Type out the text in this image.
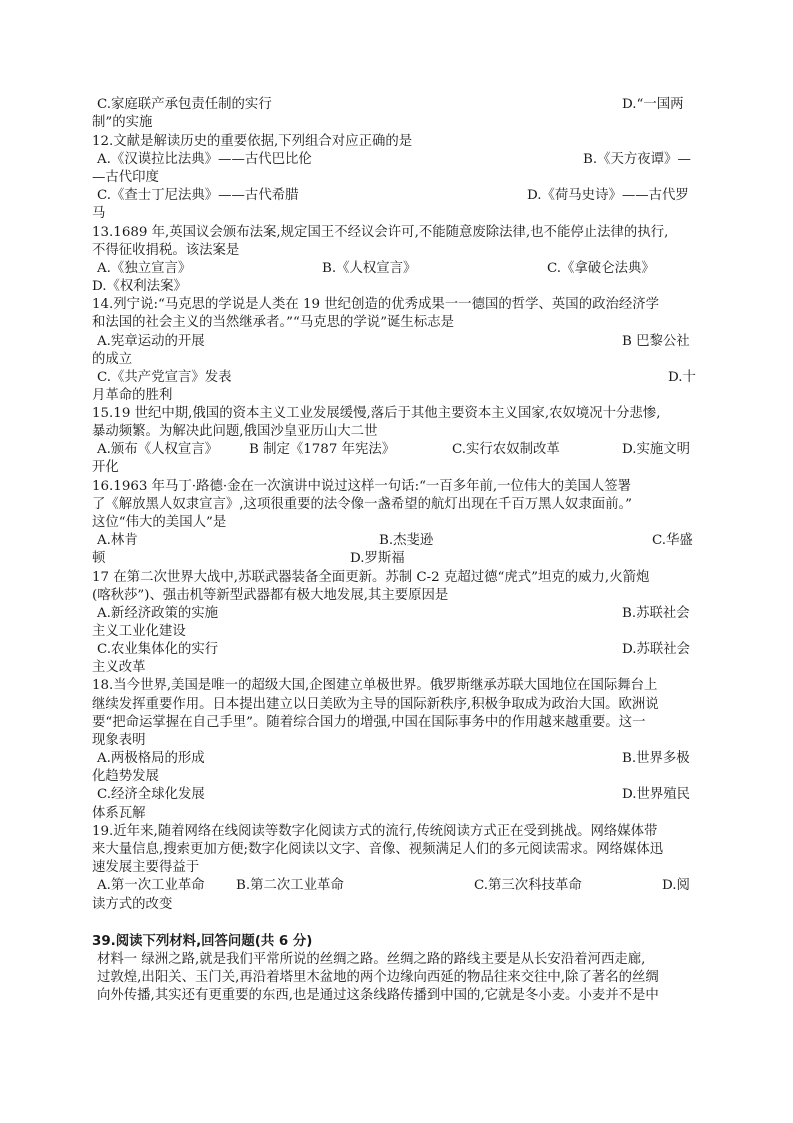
C.家庭联产承包责任制的实行	D.“一国两
制”的实施
12.文献是解读历史的重要依据,下列组合对应正确的是
A.《汉谟拉比法典》——古代巴比伦	B.《天方夜谭》—
—古代印度
C.《查士丁尼法典》——古代希腊	D.《荷马史诗》——古代罗
马
13.1689 年,英国议会颁布法案,规定国王不经议会许可,不能随意废除法律,也不能停止法律的执行,
不得征收捐税。该法案是
A.《独立宣言》	B.《人权宣言》	C.《拿破仑法典》
D.《权利法案》
14.列宁说:“马克思的学说是人类在 19 世纪创造的优秀成果一一德国的哲学、英国的政治经济学
和法国的社会主义的当然继承者。”“马克思的学说”诞生标志是
A.宪章运动的开展	B 巴黎公社
的成立
C.《共产党宣言》发表	D.十
月革命的胜利
15.19 世纪中期,俄国的资本主义工业发展缓慢,落后于其他主要资本主义国家,农奴境况十分悲惨,
暴动频繁。为解决此问题,俄国沙皇亚历山大二世
A.颁布《人权宣言》 B 制定《1787 年宪法》	C.实行农奴制改革	D.实施文明
开化
16.1963 年马丁·路德·金在一次演讲中说过这样一句话:“一百多年前,一位伟大的美国人签署
了《解放黑人奴隶宣言》,这项很重要的法令像一盏希望的航灯出现在千百万黑人奴隶面前。”
这位“伟大的美国人”是
A.林肯	B.杰斐逊	C.华盛
顿	D.罗斯福
17 在第二次世界大战中,苏联武器装备全面更新。苏制 C-2 克超过德“虎式”坦克的威力,火箭炮
(喀秋莎”)、强击机等新型武器都有极大地发展,其主要原因是
A.新经济政策的实施	B.苏联社会
主义工业化建设
C.农业集体化的实行	D.苏联社会
主义改革
18.当今世界,美国是唯一的超级大国,企图建立单极世界。俄罗斯继承苏联大国地位在国际舞台上
继续发挥重要作用。日本提出建立以日美欧为主导的国际新秩序,积极争取成为政治大国。欧洲说
要“把命运掌握在自己手里”。随着综合国力的增强,中国在国际事务中的作用越来越重要。这一
现象表明
A.两极格局的形成	B.世界多极
化趋势发展
C.经济全球化发展	D.世界殖民
体系瓦解
19.近年来,随着网络在线阅读等数字化阅读方式的流行,传统阅读方式正在受到挑战。网络媒体带
来大量信息,搜索更加方便;数字化阅读以文字、音像、视频满足人们的多元阅读需求。网络媒体迅
速发展主要得益于
A.第一次工业革命 B.第二次工业革命	C.第三次科技革命	D.阅
读方式的改变
39.阅读下列材料,回答问题(共 6 分)
材料一 绿洲之路,就是我们平常所说的丝绸之路。丝绸之路的路线主要是从长安沿着河西走廊,
过敦煌,出阳关、玉门关,再沿着塔里木盆地的两个边缘向西延的物品往来交往中,除了著名的丝绸
向外传播,其实还有更重要的东西,也是通过这条线路传播到中国的,它就是冬小麦。小麦并不是中
